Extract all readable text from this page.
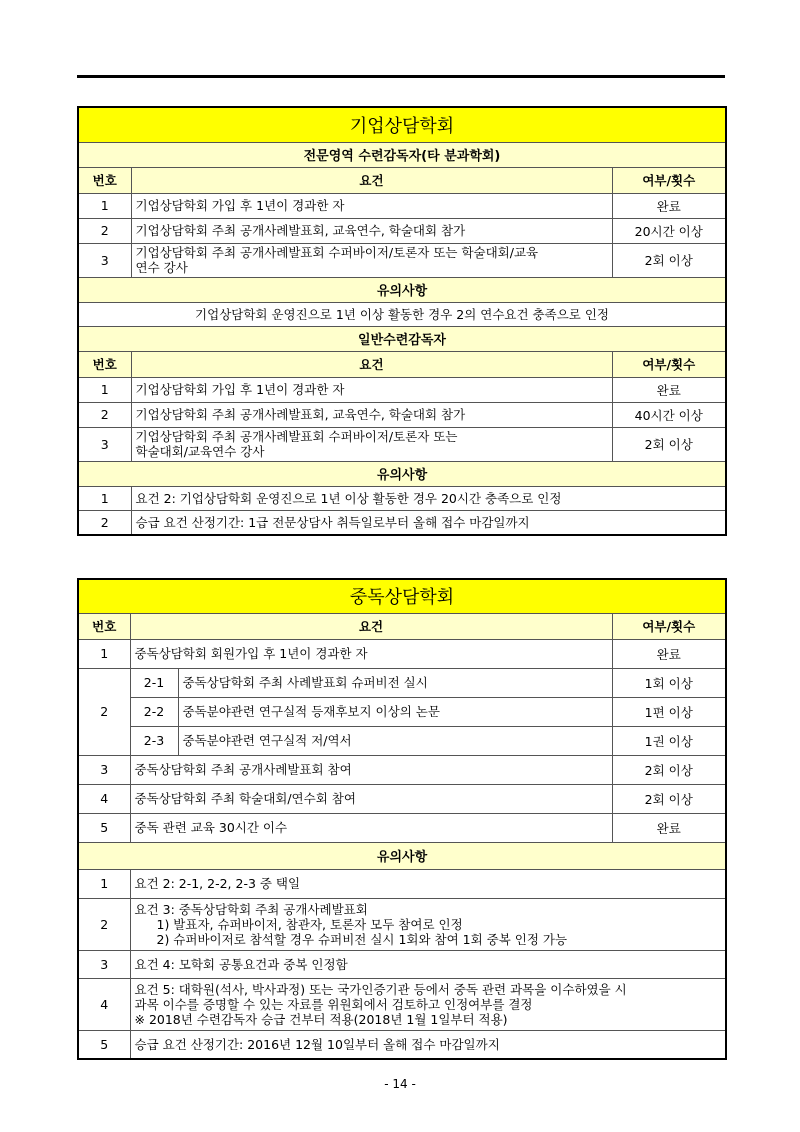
기업상담학회		
전문영역 수련감독자(타 분과학회)		
번호	요건	여부/횟수
1	기업상담학회 가입 후 1년이 경과한 자	완료
2	기업상담학회 주최 공개사례발표회, 교육연수, 학술대회 참가	20시간 이상
3	기업상담학회 주최 공개사례발표회 수퍼바이저/토론자 또는 학술대회/교육
연수 강사	2회 이상
유의사항		
기업상담학회 운영진으로 1년 이상 활동한 경우 2의 연수요건 충족으로 인정		
일반수련감독자		
번호	요건	여부/횟수
1	기업상담학회 가입 후 1년이 경과한 자	완료
2	기업상담학회 주최 공개사례발표회, 교육연수, 학술대회 참가	40시간 이상
3	기업상담학회 주최 공개사례발표회 수퍼바이저/토론자 또는
학술대회/교육연수 강사	2회 이상
유의사항		
1	요건 2: 기업상담학회 운영진으로 1년 이상 활동한 경우 20시간 충족으로 인정	
2	승급 요건 산정기간: 1급 전문상담사 취득일로부터 올해 접수 마감일까지	
중독상담학회			
번호	요건		여부/횟수
1	중독상담학회 회원가입 후 1년이 경과한 자		완료
2	2-1	중독상담학회 주최 사례발표회 슈퍼비전 실시	1회 이상
	2-2	중독분야관련 연구실적 등재후보지 이상의 논문	1편 이상
	2-3	중독분야관련 연구실적 저/역서	1권 이상
3	중독상담학회 주최 공개사례발표회 참여		2회 이상
4	중독상담학회 주최 학술대회/연수회 참여		2회 이상
5	중독 관련 교육 30시간 이수		완료
유의사항			
1	요건 2: 2-1, 2-2, 2-3 중 택일		
2	요건 3: 중독상담학회 주최 공개사례발표회
1) 발표자, 슈퍼바이저, 참관자, 토론자 모두 참여로 인정
2) 슈퍼바이저로 참석할 경우 슈퍼비전 실시 1회와 참여 1회 중복 인정 가능		

3	요건 4: 모학회 공통요건과 중복 인정함		
4	요건 5: 대학원(석사, 박사과정) 또는 국가인증기관 등에서 중독 관련 과목을 이수하였을 시
과목 이수를 증명할 수 있는 자료를 위원회에서 검토하고 인정여부를 결정
※ 2018년 수련감독자 승급 건부터 적용(2018년 1월 1일부터 적용)		

5	승급 요건 산정기간: 2016년 12월 10일부터 올해 접수 마감일까지		
- 14 -
